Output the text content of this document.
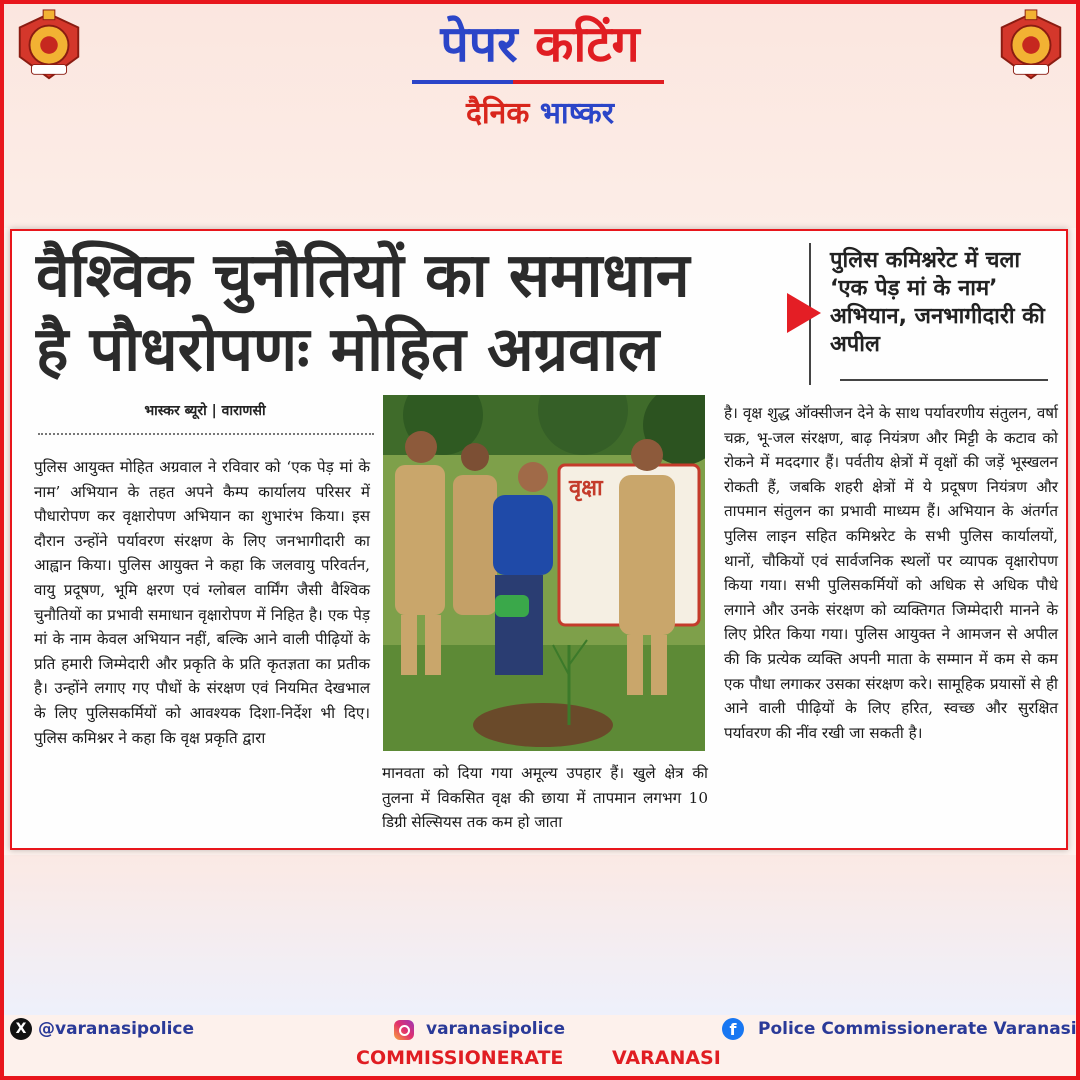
पेपर कटिंग
दैनिक भाष्कर
वैश्विक चुनौतियों का समाधान
है पौधरोपणः मोहित अग्रवाल
पुलिस कमिश्नरेट में चला ‘एक पेड़ मां के नाम’ अभियान, जनभागीदारी की अपील
भास्कर ब्यूरो | वाराणसी
पुलिस आयुक्त मोहित अग्रवाल ने रविवार को ‘एक पेड़ मां के नाम’ अभियान के तहत अपने कैम्प कार्यालय परिसर में पौधारोपण कर वृक्षारोपण अभियान का शुभारंभ किया। इस दौरान उन्होंने पर्यावरण संरक्षण के लिए जनभागीदारी का आह्वान किया। पुलिस आयुक्त ने कहा कि जलवायु परिवर्तन, वायु प्रदूषण, भूमि क्षरण एवं ग्लोबल वार्मिंग जैसी वैश्विक चुनौतियों का प्रभावी समाधान वृक्षारोपण में निहित है। एक पेड़ मां के नाम केवल अभियान नहीं, बल्कि आने वाली पीढ़ियों के प्रति हमारी जिम्मेदारी और प्रकृति के प्रति कृतज्ञता का प्रतीक है। उन्होंने लगाए गए पौधों के संरक्षण एवं नियमित देखभाल के लिए पुलिसकर्मियों को आवश्यक दिशा-निर्देश भी दिए। पुलिस कमिश्नर ने कहा कि वृक्ष प्रकृति द्वारा
वृक्षा
मानवता को दिया गया अमूल्य उपहार हैं। खुले क्षेत्र की तुलना में विकसित वृक्ष की छाया में तापमान लगभग 10 डिग्री सेल्सियस तक कम हो जाता
है। वृक्ष शुद्ध ऑक्सीजन देने के साथ पर्यावरणीय संतुलन, वर्षा चक्र, भू-जल संरक्षण, बाढ़ नियंत्रण और मिट्टी के कटाव को रोकने में मददगार हैं। पर्वतीय क्षेत्रों में वृक्षों की जड़ें भूस्खलन रोकती हैं, जबकि शहरी क्षेत्रों में ये प्रदूषण नियंत्रण और तापमान संतुलन का प्रभावी माध्यम हैं। अभियान के अंतर्गत पुलिस लाइन सहित कमिश्नरेट के सभी पुलिस कार्यालयों, थानों, चौकियों एवं सार्वजनिक स्थलों पर व्यापक वृक्षारोपण किया गया। सभी पुलिसकर्मियों को अधिक से अधिक पौधे लगाने और उनके संरक्षण को व्यक्तिगत जिम्मेदारी मानने के लिए प्रेरित किया गया। पुलिस आयुक्त ने आमजन से अपील की कि प्रत्येक व्यक्ति अपनी माता के सम्मान में कम से कम एक पौधा लगाकर उसका संरक्षण करे। सामूहिक प्रयासों से ही आने वाली पीढ़ियों के लिए हरित, स्वच्छ और सुरक्षित पर्यावरण की नींव रखी जा सकती है।
X @varanasipolice	varanasipolice	f	Police Commissionerate Varanasi
COMMISSIONERATE	VARANASI
